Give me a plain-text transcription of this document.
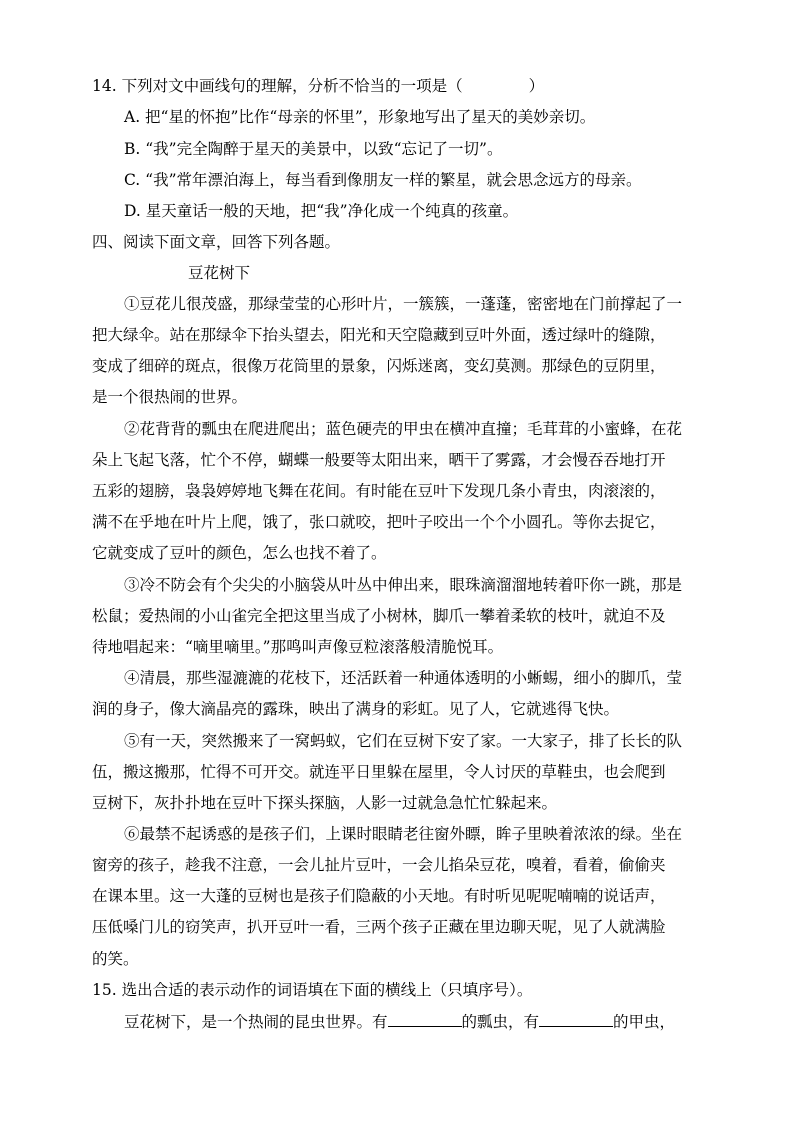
14. 下列对文中画线句的理解，分析不恰当的一项是（	）
A. 把“星的怀抱”比作“母亲的怀里”，形象地写出了星天的美妙亲切。
B. “我”完全陶醉于星天的美景中，以致“忘记了一切”。
C. “我”常年漂泊海上，每当看到像朋友一样的繁星，就会思念远方的母亲。
D. 星天童话一般的天地，把“我”净化成一个纯真的孩童。
四、阅读下面文章，回答下列各题。
豆花树下
①豆花儿很茂盛，那绿莹莹的心形叶片，一簇簇，一蓬蓬，密密地在门前撑起了一
把大绿伞。站在那绿伞下抬头望去，阳光和天空隐藏到豆叶外面，透过绿叶的缝隙，
变成了细碎的斑点，很像万花筒里的景象，闪烁迷离，变幻莫测。那绿色的豆阴里，
是一个很热闹的世界。
②花背背的瓢虫在爬进爬出；蓝色硬壳的甲虫在横冲直撞；毛茸茸的小蜜蜂，在花
朵上飞起飞落，忙个不停，蝴蝶一般要等太阳出来，晒干了雾露，才会慢吞吞地打开
五彩的翅膀，袅袅婷婷地飞舞在花间。有时能在豆叶下发现几条小青虫，肉滚滚的，
满不在乎地在叶片上爬，饿了，张口就咬，把叶子咬出一个个小圆孔。等你去捉它，
它就变成了豆叶的颜色，怎么也找不着了。
③冷不防会有个尖尖的小脑袋从叶丛中伸出来，眼珠滴溜溜地转着吓你一跳，那是
松鼠；爱热闹的小山雀完全把这里当成了小树林，脚爪一攀着柔软的枝叶，就迫不及
待地唱起来：“嘀里嘀里。”那鸣叫声像豆粒滚落般清脆悦耳。
④清晨，那些湿漉漉的花枝下，还活跃着一种通体透明的小蜥蜴，细小的脚爪，莹
润的身子，像大滴晶亮的露珠，映出了满身的彩虹。见了人，它就逃得飞快。
⑤有一天，突然搬来了一窝蚂蚁，它们在豆树下安了家。一大家子，排了长长的队
伍，搬这搬那，忙得不可开交。就连平日里躲在屋里，令人讨厌的草鞋虫，也会爬到
豆树下，灰扑扑地在豆叶下探头探脑，人影一过就急急忙忙躲起来。
⑥最禁不起诱惑的是孩子们，上课时眼睛老往窗外瞟，眸子里映着浓浓的绿。坐在
窗旁的孩子，趁我不注意，一会儿扯片豆叶，一会儿掐朵豆花，嗅着，看着，偷偷夹
在课本里。这一大蓬的豆树也是孩子们隐蔽的小天地。有时听见呢呢喃喃的说话声，
压低嗓门儿的窃笑声，扒开豆叶一看，三两个孩子正藏在里边聊天呢，见了人就满脸
的笑。
15. 选出合适的表示动作的词语填在下面的横线上（只填序号）。
豆花树下，是一个热闹的昆虫世界。有	的瓢虫，有	的甲虫，
